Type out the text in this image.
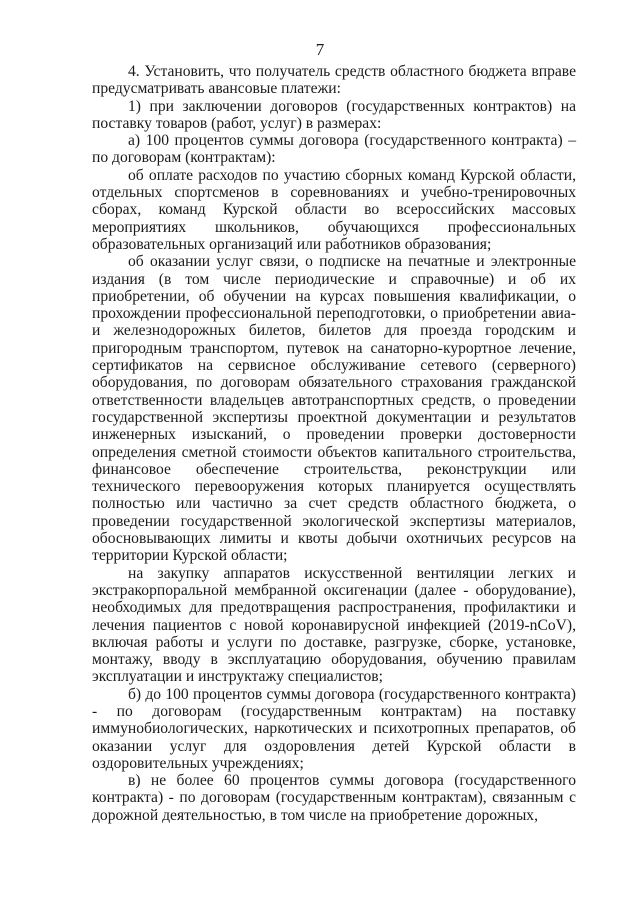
7

4. Установить, что получатель средств областного бюджета вправе предусматривать авансовые платежи:

1) при заключении договоров (государственных контрактов) на поставку товаров (работ, услуг) в размерах:

а) 100 процентов суммы договора (государственного контракта) – по договорам (контрактам):

об оплате расходов по участию сборных команд Курской области, отдельных спортсменов в соревнованиях и учебно-тренировочных сборах, команд Курской области во всероссийских массовых мероприятиях школьников, обучающихся профессиональных образовательных организаций или работников образования;

об оказании услуг связи, о подписке на печатные и электронные издания (в том числе периодические и справочные) и об их приобретении, об обучении на курсах повышения квалификации, о прохождении профессиональной переподготовки, о приобретении авиа- и железнодорожных билетов, билетов для проезда городским и пригородным транспортом, путевок на санаторно-курортное лечение, сертификатов на сервисное обслуживание сетевого (серверного) оборудования, по договорам обязательного страхования гражданской ответственности владельцев автотранспортных средств, о проведении государственной экспертизы проектной документации и результатов инженерных изысканий, о проведении проверки достоверности определения сметной стоимости объектов капитального строительства, финансовое обеспечение строительства, реконструкции или технического перевооружения которых планируется осуществлять полностью или частично за счет средств областного бюджета, о проведении государственной экологической экспертизы материалов, обосновывающих лимиты и квоты добычи охотничьих ресурсов на территории Курской области;

на закупку аппаратов искусственной вентиляции легких и экстракорпоральной мембранной оксигенации (далее - оборудование), необходимых для предотвращения распространения, профилактики и лечения пациентов с новой коронавирусной инфекцией (2019-nCoV), включая работы и услуги по доставке, разгрузке, сборке, установке, монтажу, вводу в эксплуатацию оборудования, обучению правилам эксплуатации и инструктажу специалистов;

б) до 100 процентов суммы договора (государственного контракта) - по договорам (государственным контрактам) на поставку иммунобиологических, наркотических и психотропных препаратов, об оказании услуг для оздоровления детей Курской области в оздоровительных учреждениях;

в) не более 60 процентов суммы договора (государственного контракта) - по договорам (государственным контрактам), связанным с дорожной деятельностью, в том числе на приобретение дорожных,
